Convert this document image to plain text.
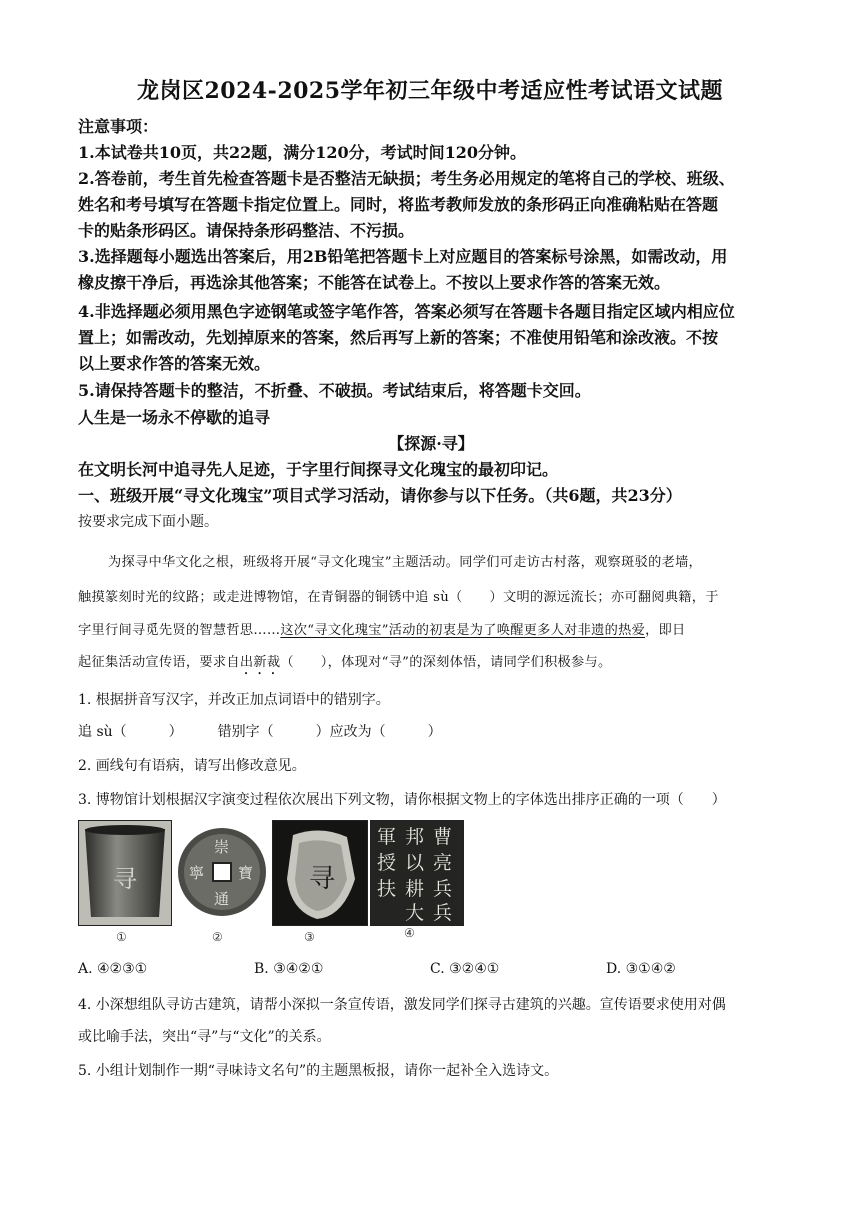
龙岗区2024-2025学年初三年级中考适应性考试语文试题
注意事项：
1.本试卷共10页，共22题，满分120分，考试时间120分钟。
2.答卷前，考生首先检查答题卡是否整洁无缺损；考生务必用规定的笔将自己的学校、班级、
姓名和考号填写在答题卡指定位置上。同时，将监考教师发放的条形码正向准确粘贴在答题
卡的贴条形码区。请保持条形码整洁、不污损。
3.选择题每小题选出答案后，用2B铅笔把答题卡上对应题目的答案标号涂黑，如需改动，用
橡皮擦干净后，再选涂其他答案；不能答在试卷上。不按以上要求作答的答案无效。
4.非选择题必须用黑色字迹钢笔或签字笔作答，答案必须写在答题卡各题目指定区域内相应位
置上；如需改动，先划掉原来的答案，然后再写上新的答案；不准使用铅笔和涂改液。不按
以上要求作答的答案无效。
5.请保持答题卡的整洁，不折叠、不破损。考试结束后，将答题卡交回。
人生是一场永不停歇的追寻
【探源·寻】
在文明长河中追寻先人足迹，于字里行间探寻文化瑰宝的最初印记。
一、班级开展“寻文化瑰宝”项目式学习活动，请你参与以下任务。（共6题，共23分）
按要求完成下面小题。
为探寻中华文化之根，班级将开展“寻文化瑰宝”主题活动。同学们可走访古村落，观察斑驳的老墙，
触摸篆刻时光的纹路；或走进博物馆，在青铜器的铜锈中追 sù（　　）文明的源远流长；亦可翻阅典籍，于
字里行间寻觅先贤的智慧哲思……这次“寻文化瑰宝”活动的初衷是为了唤醒更多人对非遗的热爱，即日
起征集活动宣传语，要求自出新裁（　　），体现对“寻”的深刻体悟，请同学们积极参与。
1. 根据拼音写汉字，并改正加点词语中的错别字。
追 sù（　　　）　　　错别字（　　　）应改为（　　　）
2. 画线句有语病，请写出修改意见。
3. 博物馆计划根据汉字演变过程依次展出下列文物，请你根据文物上的字体选出排序正确的一项（　　）
寻
崇
通
寧 寶 寻
曹
邦
軍
亮
以
授
兵
耕
扶
兵
大
①	②	③	④
A. ④②③①	B. ③④②①	C. ③②④①	D. ③①④②
4. 小深想组队寻访古建筑，请帮小深拟一条宣传语，激发同学们探寻古建筑的兴趣。宣传语要求使用对偶
或比喻手法，突出“寻”与“文化”的关系。
5. 小组计划制作一期“寻味诗文名句”的主题黑板报，请你一起补全入选诗文。
